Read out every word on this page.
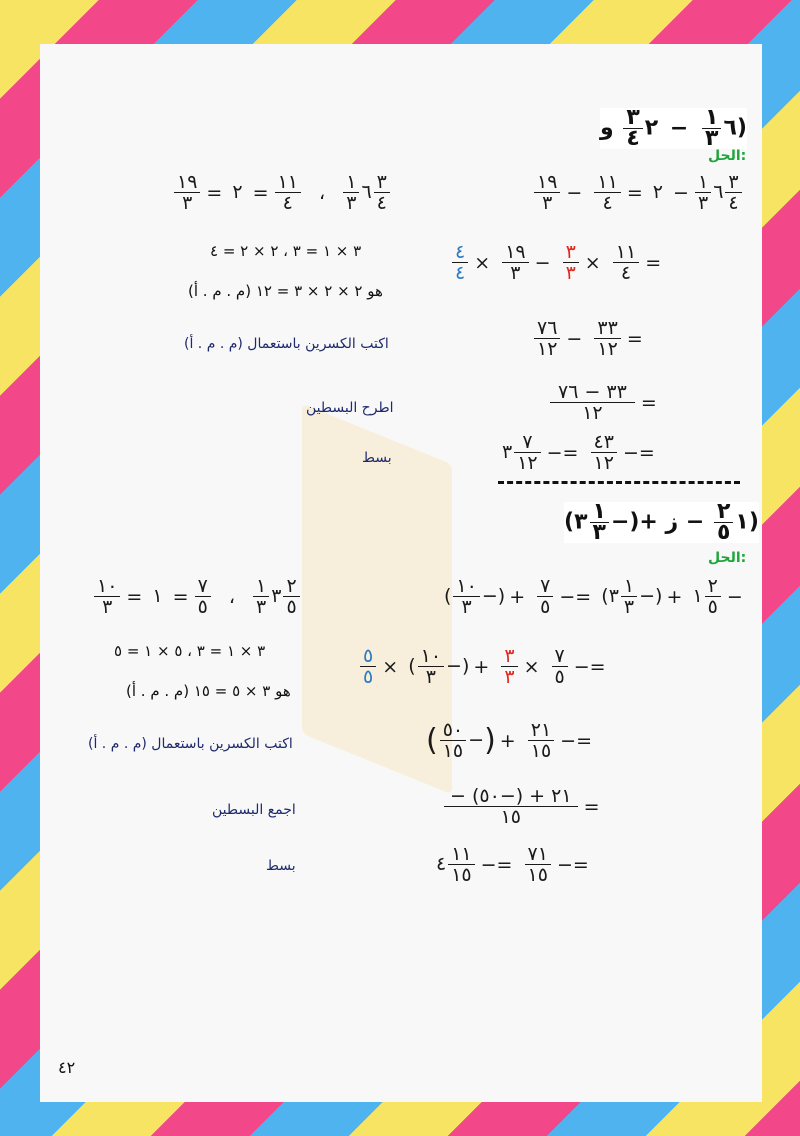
٦
١
٣
− ٢
٣
٤
و)
الحل:
١٩
٣ − ١١
٤ =	٦
١
٣
− ٢	٣
٤
٤
٤ × ١٩
٣ − ٣
٣ × ١١
٤ =
٧٦
١٢ − ٣٣
١٢ =
٣٣ − ٧٦
١٢	=
٣ ٧
١٢ −= ٤٣
١٢ −=
١٩
٣ =	٦
١
٣
،
١١
٤
= ٢	٣
٤
٣ × ١ = ٣ ، ٢ × ٢ = ٤
(م . م . أ) هو ٢ × ٢ × ٣ = ١٢
اكتب الكسرين باستعمال (م . م . أ)
اطرح البسطين
بسط
(٣ ١
٣ −)+	١
٢
٥
− ز)
الحل:
( ١٠
٣ −) + ٧
٥ −= (٣ ١
٣ −) + ١ ٢
٥ −
٥
٥ × ( ١٠
٣ −) + ٣
٣ × ٧
٥ −=
( ٥٠
١٥ −) + ٢١
١٥ −=
− ٢١ + (−٥٠)
١٥	=
٤ ١١
١٥ −= ٧١
١٥ −=
١٠
٣ =	٣
١
٣
،
٧
٥
= ١	٢
٥
٣ × ١ = ٣ ، ٥ × ١ = ٥
(م . م . أ) هو ٣ × ٥ = ١٥
اكتب الكسرين باستعمال (م . م . أ)
اجمع البسطين
بسط
٤٢
